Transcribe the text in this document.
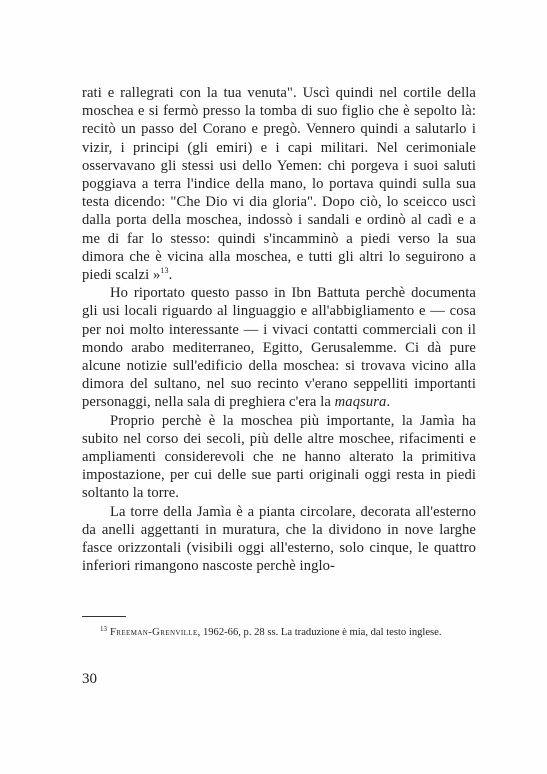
rati e rallegrati con la tua venuta". Uscì quindi nel cortile della moschea e si fermò presso la tomba di suo figlio che è sepolto là: recitò un passo del Corano e pregò. Vennero quindi a salutarlo i vizir, i principi (gli emiri) e i capi militari. Nel cerimoniale osservavano gli stessi usi dello Yemen: chi porgeva i suoi saluti poggiava a terra l'indice della mano, lo portava quindi sulla sua testa dicendo: "Che Dio vi dia gloria". Dopo ciò, lo sceicco uscì dalla porta della moschea, indossò i sandali e ordinò al cadì e a me di far lo stesso: quindi s'incamminò a piedi verso la sua dimora che è vicina alla moschea, e tutti gli altri lo seguirono a piedi scalzi »$^{13}$.

Ho riportato questo passo in Ibn Battuta perchè documenta gli usi locali riguardo al linguaggio e all'abbigliamento e — cosa per noi molto interessante — i vivaci contatti commerciali con il mondo arabo mediterraneo, Egitto, Gerusalemme. Ci dà pure alcune notizie sull'edificio della moschea: si trovava vicino alla dimora del sultano, nel suo recinto v'erano seppelliti importanti personaggi, nella sala di preghiera c'era la maqsura.

Proprio perchè è la moschea più importante, la Jamìa ha subito nel corso dei secoli, più delle altre moschee, rifacimenti e ampliamenti considerevoli che ne hanno alterato la primitiva impostazione, per cui delle sue parti originali oggi resta in piedi soltanto la torre.

La torre della Jamìa è a pianta circolare, decorata all'esterno da anelli aggettanti in muratura, che la dividono in nove larghe fasce orizzontali (visibili oggi all'esterno, solo cinque, le quattro inferiori rimangono nascoste perchè inglo-

$^{13}$ Freeman-Grenville, 1962-66, p. 28 ss. La traduzione è mia, dal testo inglese.
30
